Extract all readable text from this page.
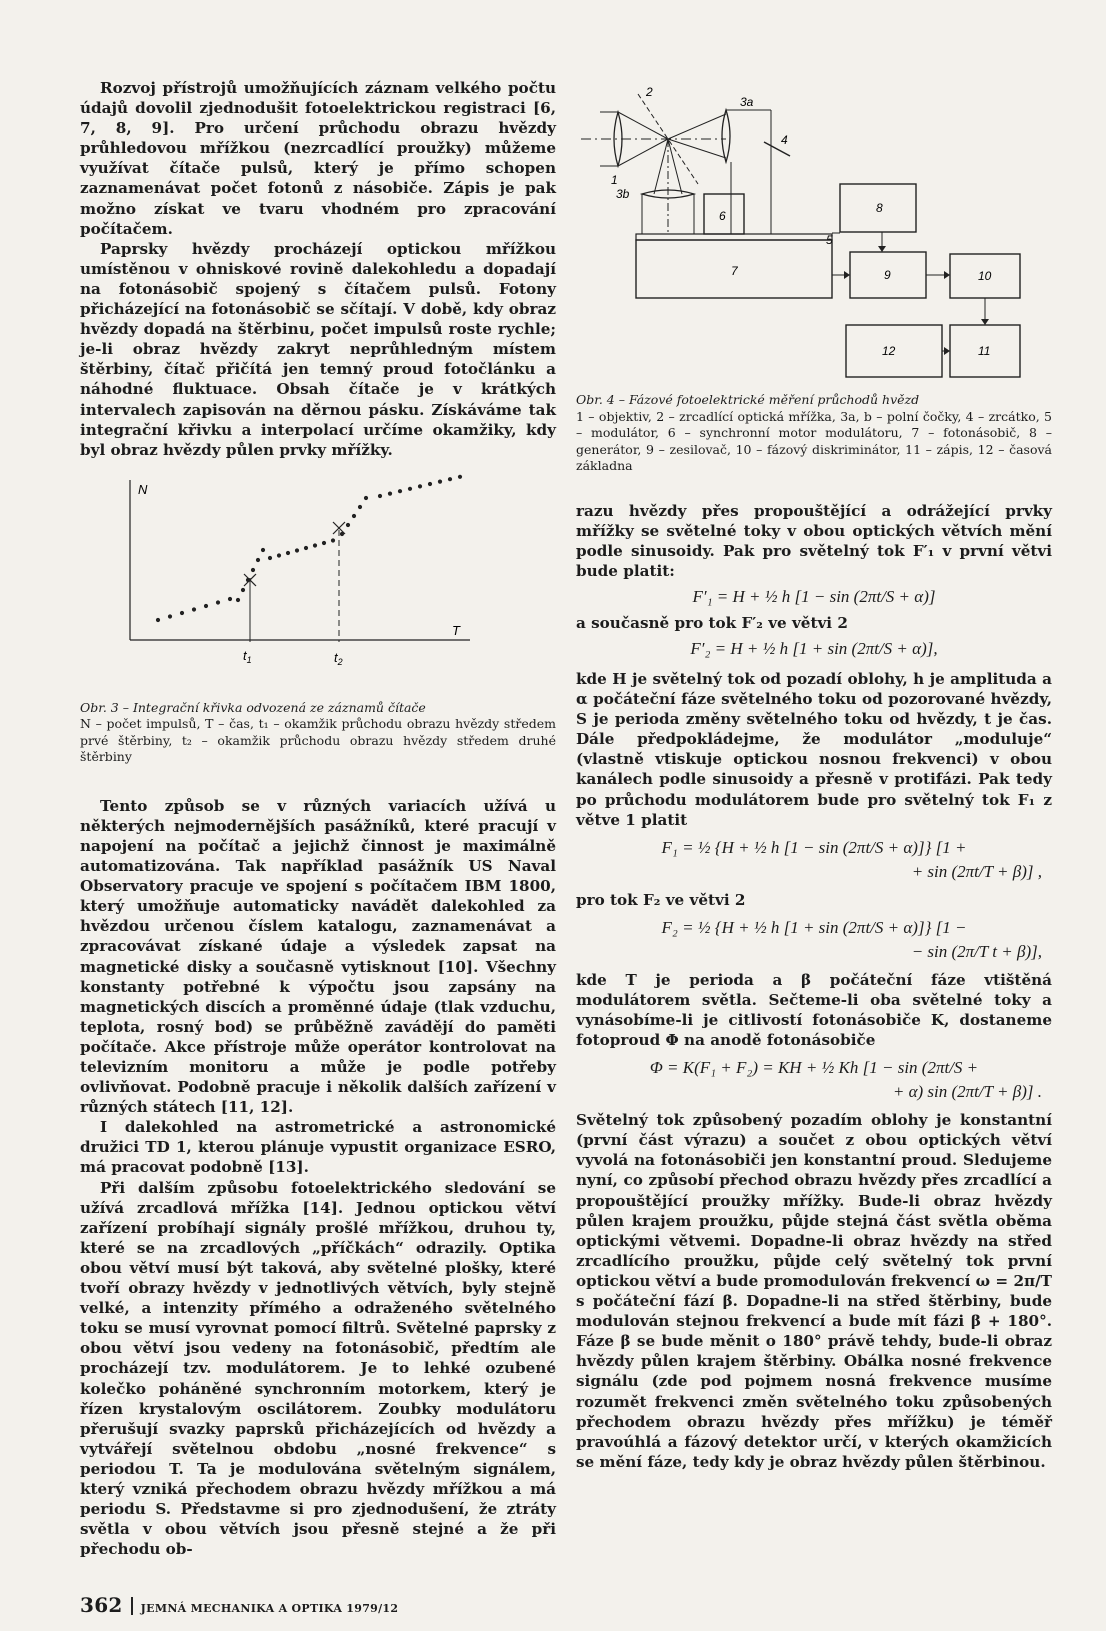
Rozvoj přístrojů umožňujících záznam velkého počtu údajů dovolil zjednodušit fotoelektrickou registraci [6, 7, 8, 9]. Pro určení průchodu obrazu hvězdy průhledovou mřížkou (nezrcadlící proužky) můžeme využívat čítače pulsů, který je přímo schopen zaznamenávat počet fotonů z násobiče. Zápis je pak možno získat ve tvaru vhodném pro zpracování počítačem.

Paprsky hvězdy procházejí optickou mřížkou umístěnou v ohniskové rovině dalekohledu a dopadají na fotonásobič spojený s čítačem pulsů. Fotony přicházející na fotonásobič se sčítají. V době, kdy obraz hvězdy dopadá na štěrbinu, počet impulsů roste rychle; je-li obraz hvězdy zakryt neprůhledným místem štěrbiny, čítač přičítá jen temný proud fotočlánku a náhodné fluktuace. Obsah čítače je v krátkých intervalech zapisován na děrnou pásku. Získáváme tak integrační křivku a interpolací určíme okamžiky, kdy byl obraz hvězdy půlen prvky mřížky.

N
T
$t_1$	$t_2$

Obr. 3 – Integrační křivka odvozená ze záznamů čítače

N – počet impulsů, T – čas, t₁ – okamžik průchodu obrazu hvězdy středem prvé štěrbiny, t₂ – okamžik průchodu obrazu hvězdy středem druhé štěrbiny

Tento způsob se v různých variacích užívá u některých nejmodernějších pasážníků, které pracují v napojení na počítač a jejichž činnost je maximálně automatizována. Tak například pasážník US Naval Observatory pracuje ve spojení s počítačem IBM 1800, který umožňuje automaticky navádět dalekohled za hvězdou určenou číslem katalogu, zaznamenávat a zpracovávat získané údaje a výsledek zapsat na magnetické disky a současně vytisknout [10]. Všechny konstanty potřebné k výpočtu jsou zapsány na magnetických discích a proměnné údaje (tlak vzduchu, teplota, rosný bod) se průběžně zavádějí do paměti počítače. Akce přístroje může operátor kontrolovat na televizním monitoru a může je podle potřeby ovlivňovat. Podobně pracuje i několik dalších zařízení v různých státech [11, 12].

I dalekohled na astrometrické a astronomické družici TD 1, kterou plánuje vypustit organizace ESRO, má pracovat podobně [13].

Při dalším způsobu fotoelektrického sledování se užívá zrcadlová mřížka [14]. Jednou optickou větví zařízení probíhají signály prošlé mřížkou, druhou ty, které se na zrcadlových „příčkách“ odrazily. Optika obou větví musí být taková, aby světelné plošky, které tvoří obrazy hvězdy v jednotlivých větvích, byly stejně velké, a intenzity přímého a odraženého světelného toku se musí vyrovnat pomocí filtrů. Světelné paprsky z obou větví jsou vedeny na fotonásobič, předtím ale procházejí tzv. modulátorem. Je to lehké ozubené kolečko poháněné synchronním motorkem, který je řízen krystalovým oscilátorem. Zoubky modulátoru přerušují svazky paprsků přicházejících od hvězdy a vytvářejí světelnou obdobu „nosné frekvence“ s periodou T. Ta je modulována světelným signálem, který vzniká přechodem obrazu hvězdy mřížkou a má periodu S. Představme si pro zjednodušení, že ztráty světla v obou větvích jsou přesně stejné a že při přechodu ob-

2
1
3a
4
3b
6
5
7
8
9	10
12	11

Obr. 4 – Fázové fotoelektrické měření průchodů hvězd

1 – objektiv, 2 – zrcadlící optická mřížka, 3a, b – polní čočky, 4 – zrcátko, 5 – modulátor, 6 – synchronní motor modulátoru, 7 – fotonásobič, 8 – generátor, 9 – zesilovač, 10 – fázový diskriminátor, 11 – zápis, 12 – časová základna

razu hvězdy přes propouštějící a odrážející prvky mřížky se světelné toky v obou optických větvích mění podle sinusoidy. Pak pro světelný tok F′₁ v první větvi bude platit:

F′₁ = H + ½ h [1 − sin (2πt/S + α)]

a současně pro tok F′₂ ve větvi 2

F′₂ = H + ½ h [1 + sin (2πt/S + α)],

kde H je světelný tok od pozadí oblohy, h je amplituda a α počáteční fáze světelného toku od pozorované hvězdy, S je perioda změny světelného toku od hvězdy, t je čas. Dále předpokládejme, že modulátor „moduluje“ (vlastně vtiskuje optickou nosnou frekvenci) v obou kanálech podle sinusoidy a přesně v protifázi. Pak tedy po průchodu modulátorem bude pro světelný tok F₁ z větve 1 platit

F₁ = ½ {H + ½ h [1 − sin (2πt/S + α)]} [1 +

+ sin (2πt/T + β)] ,

pro tok F₂ ve větvi 2

F₂ = ½ {H + ½ h [1 + sin (2πt/S + α)]} [1 −

− sin (2π/T t + β)],

kde T je perioda a β počáteční fáze vtištěná modulátorem světla. Sečteme-li oba světelné toky a vynásobíme-li je citlivostí fotonásobiče K, dostaneme fotoproud Φ na anodě fotonásobiče

Φ = K(F₁ + F₂) = KH + ½ Kh [1 − sin (2πt/S +

+ α) sin (2πt/T + β)] .

Světelný tok způsobený pozadím oblohy je konstantní (první část výrazu) a součet z obou optických větví vyvolá na fotonásobiči jen konstantní proud. Sledujeme nyní, co způsobí přechod obrazu hvězdy přes zrcadlící a propouštějící proužky mřížky. Bude-li obraz hvězdy půlen krajem proužku, půjde stejná část světla oběma optickými větvemi. Dopadne-li obraz hvězdy na střed zrcadlícího proužku, půjde celý světelný tok první optickou větví a bude promodulován frekvencí ω = 2π/T s počáteční fází β. Dopadne-li na střed štěrbiny, bude modulován stejnou frekvencí a bude mít fázi β + 180°. Fáze β se bude měnit o 180° právě tehdy, bude-li obraz hvězdy půlen krajem štěrbiny. Obálka nosné frekvence signálu (zde pod pojmem nosná frekvence musíme rozumět frekvenci změn světelného toku způsobených přechodem obrazu hvězdy přes mřížku) je téměř pravoúhlá a fázový detektor určí, v kterých okamžicích se mění fáze, tedy kdy je obraz hvězdy půlen štěrbinou.

362 JEMNÁ MECHANIKA A OPTIKA 1979/12
